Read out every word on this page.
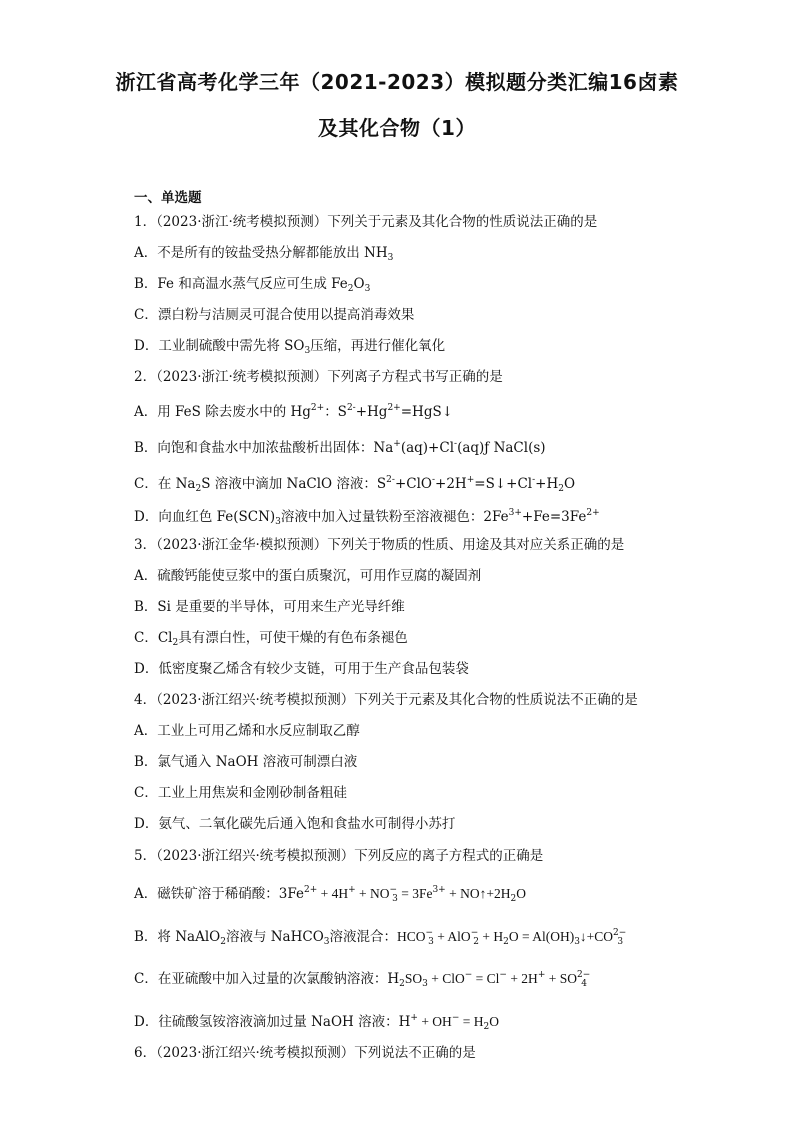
浙江省高考化学三年（2021-2023）模拟题分类汇编16卤素
及其化合物（1）
一、单选题
1．（2023·浙江·统考模拟预测）下列关于元素及其化合物的性质说法正确的是
A．不是所有的铵盐受热分解都能放出 $NH_3$
B．Fe 和高温水蒸气反应可生成 $Fe_2O_3$
C．漂白粉与洁厕灵可混合使用以提高消毒效果
D．工业制硫酸中需先将 $SO_3$压缩，再进行催化氧化
2．（2023·浙江·统考模拟预测）下列离子方程式书写正确的是
A．用 FeS 除去废水中的 $Hg^{2+}$：$S^{2-}+Hg^{2+}=HgS↓$
B．向饱和食盐水中加浓盐酸析出固体：Na+(aq)+Cl-(aq)ƒ NaCl(s)
C．在 $Na_2S$ 溶液中滴加 NaClO 溶液：$S^{2-}+ClO^-+2H^+=S↓+Cl^-+H_2O$
D．向血红色 $Fe(SCN)_3$溶液中加入过量铁粉至溶液褪色：$2Fe^{3+}+Fe=3Fe^{2+}$
3．（2023·浙江金华·模拟预测）下列关于物质的性质、用途及其对应关系正确的是
A．硫酸钙能使豆浆中的蛋白质聚沉，可用作豆腐的凝固剂
B．Si 是重要的半导体，可用来生产光导纤维
C．$Cl_2$具有漂白性，可使干燥的有色布条褪色
D．低密度聚乙烯含有较少支链，可用于生产食品包装袋
4．（2023·浙江绍兴·统考模拟预测）下列关于元素及其化合物的性质说法不正确的是
A．工业上可用乙烯和水反应制取乙醇
B．氯气通入 NaOH 溶液可制漂白液
C．工业上用焦炭和金刚砂制备粗硅
D．氨气、二氧化碳先后通入饱和食盐水可制得小苏打
5．（2023·浙江绍兴·统考模拟预测）下列反应的离子方程式的正确是
A．磁铁矿溶于稀硝酸：$3Fe^{2+} + 4H^+ + NO^-_3 = 3Fe^{3+}$ + $NO↑+2H_2O$
B．将 NaAlO$_2$溶液与 NaHCO$_3$溶液混合：$HCO^-_3 + AlO^-_2 + H_2O$ = $Al(OH)_3↓+CO^{2-}_3$
C．在亚硫酸中加入过量的次氯酸钠溶液：$H_2SO_3 + ClO^- = Cl^- + 2H^+ + SO^{2-}_4$
D．往硫酸氢铵溶液滴加过量 NaOH 溶液：$H^+ + OH^- = H_2O$
6．（2023·浙江绍兴·统考模拟预测）下列说法不正确的是
